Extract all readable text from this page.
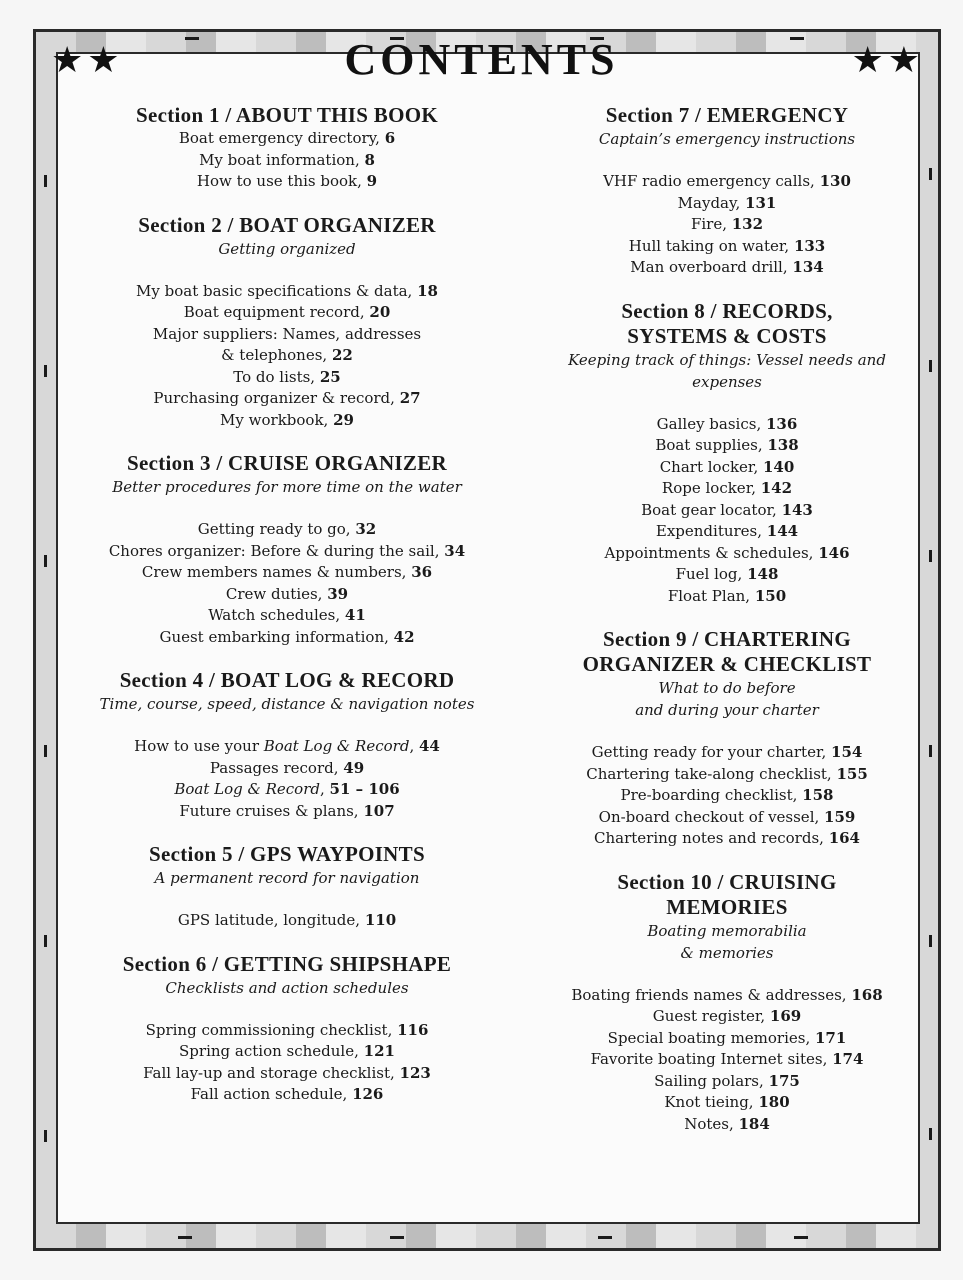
★★	CONTENTS	★★
Section 1 / ABOUT THIS BOOK
Boat emergency directory, 6
My boat information, 8
How to use this book, 9
Section 2 / BOAT ORGANIZER
Getting organized
My boat basic specifications & data, 18
Boat equipment record, 20
Major suppliers: Names, addresses
& telephones, 22
To do lists, 25
Purchasing organizer & record, 27
My workbook, 29
Section 3 / CRUISE ORGANIZER
Better procedures for more time on the water
Getting ready to go, 32
Chores organizer: Before & during the sail, 34
Crew members names & numbers, 36
Crew duties, 39
Watch schedules, 41
Guest embarking information, 42
Section 4 / BOAT LOG & RECORD
Time, course, speed, distance & navigation notes
How to use your Boat Log & Record, 44
Passages record, 49
Boat Log & Record, 51 – 106
Future cruises & plans, 107
Section 5 / GPS WAYPOINTS
A permanent record for navigation
GPS latitude, longitude, 110
Section 6 / GETTING SHIPSHAPE
Checklists and action schedules
Spring commissioning checklist, 116
Spring action schedule, 121
Fall lay-up and storage checklist, 123
Fall action schedule, 126
Section 7 / EMERGENCY
Captain’s emergency instructions
VHF radio emergency calls, 130
Mayday, 131
Fire, 132
Hull taking on water, 133
Man overboard drill, 134
Section 8 / RECORDS,
SYSTEMS & COSTS
Keeping track of things: Vessel needs and
expenses
Galley basics, 136
Boat supplies, 138
Chart locker, 140
Rope locker, 142
Boat gear locator, 143
Expenditures, 144
Appointments & schedules, 146
Fuel log, 148
Float Plan, 150
Section 9 / CHARTERING
ORGANIZER & CHECKLIST
What to do before
and during your charter
Getting ready for your charter, 154
Chartering take-along checklist, 155
Pre-boarding checklist, 158
On-board checkout of vessel, 159
Chartering notes and records, 164
Section 10 / CRUISING
MEMORIES
Boating memorabilia
& memories
Boating friends names & addresses, 168
Guest register, 169
Special boating memories, 171
Favorite boating Internet sites, 174
Sailing polars, 175
Knot tieing, 180
Notes, 184
